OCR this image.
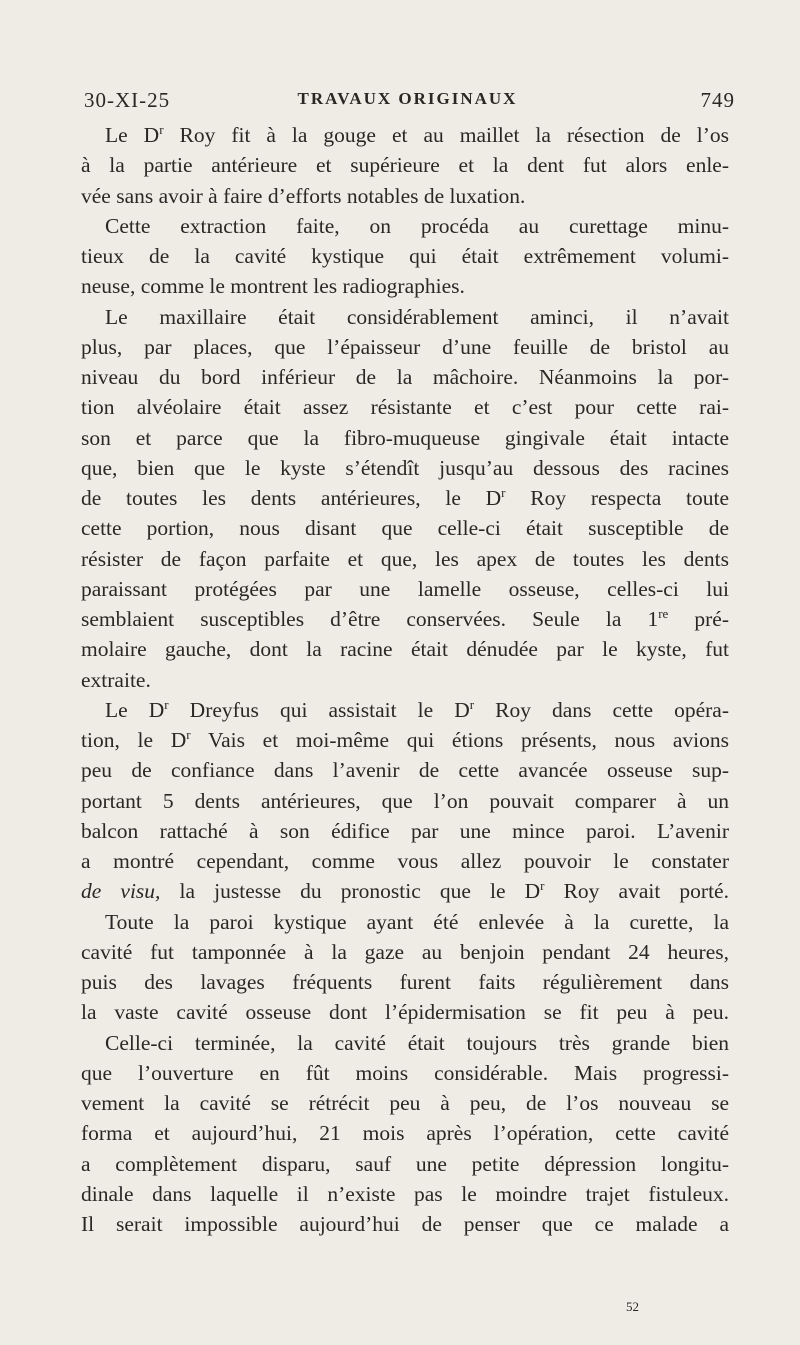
30-XI-25	TRAVAUX ORIGINAUX	749
Le $D^r$ Roy fit à la gouge et au maillet la résection de l’os
à la partie antérieure et supérieure et la dent fut alors enle-
vée sans avoir à faire d’efforts notables de luxation.
Cette extraction faite, on procéda au curettage minu-
tieux de la cavité kystique qui était extrêmement volumi-
neuse, comme le montrent les radiographies.
Le maxillaire était considérablement aminci, il n’avait
plus, par places, que l’épaisseur d’une feuille de bristol au
niveau du bord inférieur de la mâchoire. Néanmoins la por-
tion alvéolaire était assez résistante et c’est pour cette rai-
son et parce que la fibro-muqueuse gingivale était intacte
que, bien que le kyste s’étendît jusqu’au dessous des racines
de toutes les dents antérieures, le $D^r$ Roy respecta toute
cette portion, nous disant que celle-ci était susceptible de
résister de façon parfaite et que, les apex de toutes les dents
paraissant protégées par une lamelle osseuse, celles-ci lui
semblaient susceptibles d’être conservées. Seule la 1re pré-
molaire gauche, dont la racine était dénudée par le kyste, fut
extraite.
Le $D^r$ Dreyfus qui assistait le $D^r$ Roy dans cette opéra-
tion, le $D^r$ Vais et moi-même qui étions présents, nous avions
peu de confiance dans l’avenir de cette avancée osseuse sup-
portant 5 dents antérieures, que l’on pouvait comparer à un
balcon rattaché à son édifice par une mince paroi. L’avenir
a montré cependant, comme vous allez pouvoir le constater
de visu, la justesse du pronostic que le $D^r$ Roy avait porté.
Toute la paroi kystique ayant été enlevée à la curette, la
cavité fut tamponnée à la gaze au benjoin pendant 24 heures,
puis des lavages fréquents furent faits régulièrement dans
la vaste cavité osseuse dont l’épidermisation se fit peu à peu.
Celle-ci terminée, la cavité était toujours très grande bien
que l’ouverture en fût moins considérable. Mais progressi-
vement la cavité se rétrécit peu à peu, de l’os nouveau se
forma et aujourd’hui, 21 mois après l’opération, cette cavité
a complètement disparu, sauf une petite dépression longitu-
dinale dans laquelle il n’existe pas le moindre trajet fistuleux.
Il serait impossible aujourd’hui de penser que ce malade a
52
